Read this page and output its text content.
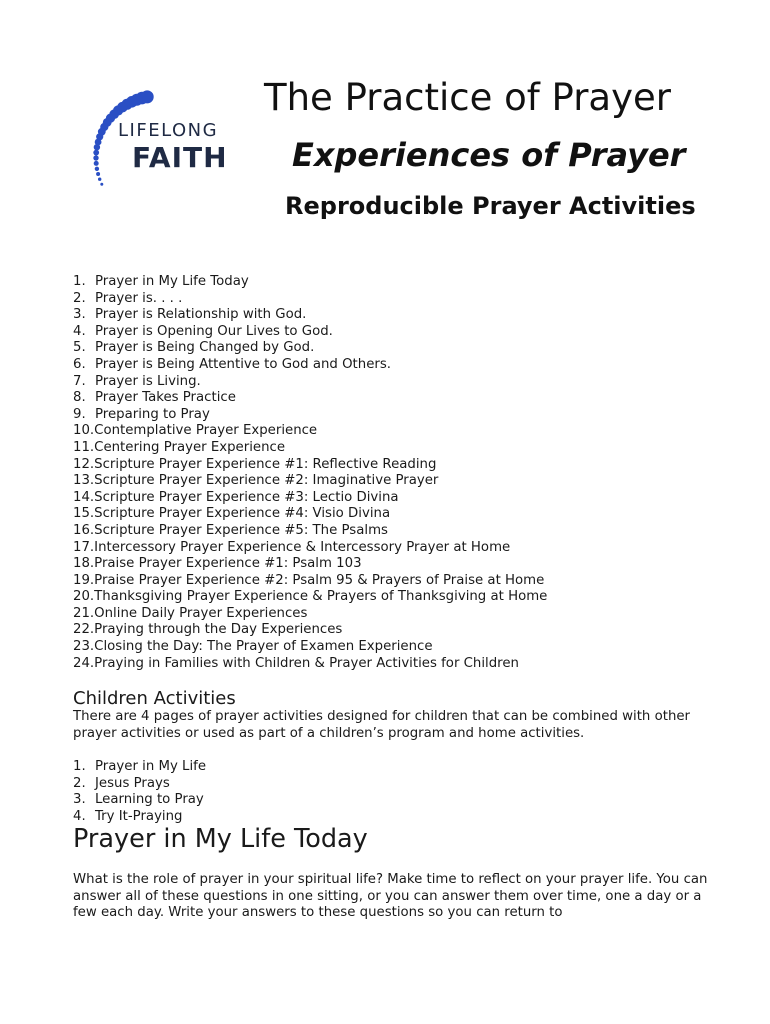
LIFELONG
FAITH
The Practice of Prayer
Experiences of Prayer
Reproducible Prayer Activities
1. Prayer in My Life Today
2. Prayer is. . . .
3. Prayer is Relationship with God.
4. Prayer is Opening Our Lives to God.
5. Prayer is Being Changed by God.
6. Prayer is Being Attentive to God and Others.
7. Prayer is Living.
8. Prayer Takes Practice
9. Preparing to Pray
10.Contemplative Prayer Experience
11.Centering Prayer Experience
12.Scripture Prayer Experience #1: Reflective Reading
13.Scripture Prayer Experience #2: Imaginative Prayer
14.Scripture Prayer Experience #3: Lectio Divina
15.Scripture Prayer Experience #4: Visio Divina
16.Scripture Prayer Experience #5: The Psalms
17.Intercessory Prayer Experience & Intercessory Prayer at Home
18.Praise Prayer Experience #1: Psalm 103
19.Praise Prayer Experience #2: Psalm 95 & Prayers of Praise at Home
20.Thanksgiving Prayer Experience & Prayers of Thanksgiving at Home
21.Online Daily Prayer Experiences
22.Praying through the Day Experiences
23.Closing the Day: The Prayer of Examen Experience
24.Praying in Families with Children & Prayer Activities for Children
Children Activities

There are 4 pages of prayer activities designed for children that can be combined with other prayer activities or used as part of a children’s program and home activities.

1. Prayer in My Life
2. Jesus Prays
3. Learning to Pray
4. Try It-Praying
Prayer in My Life Today

What is the role of prayer in your spiritual life? Make time to reflect on your prayer life. You can answer all of these questions in one sitting, or you can answer them over time, one a day or a few each day. Write your answers to these questions so you can return to
